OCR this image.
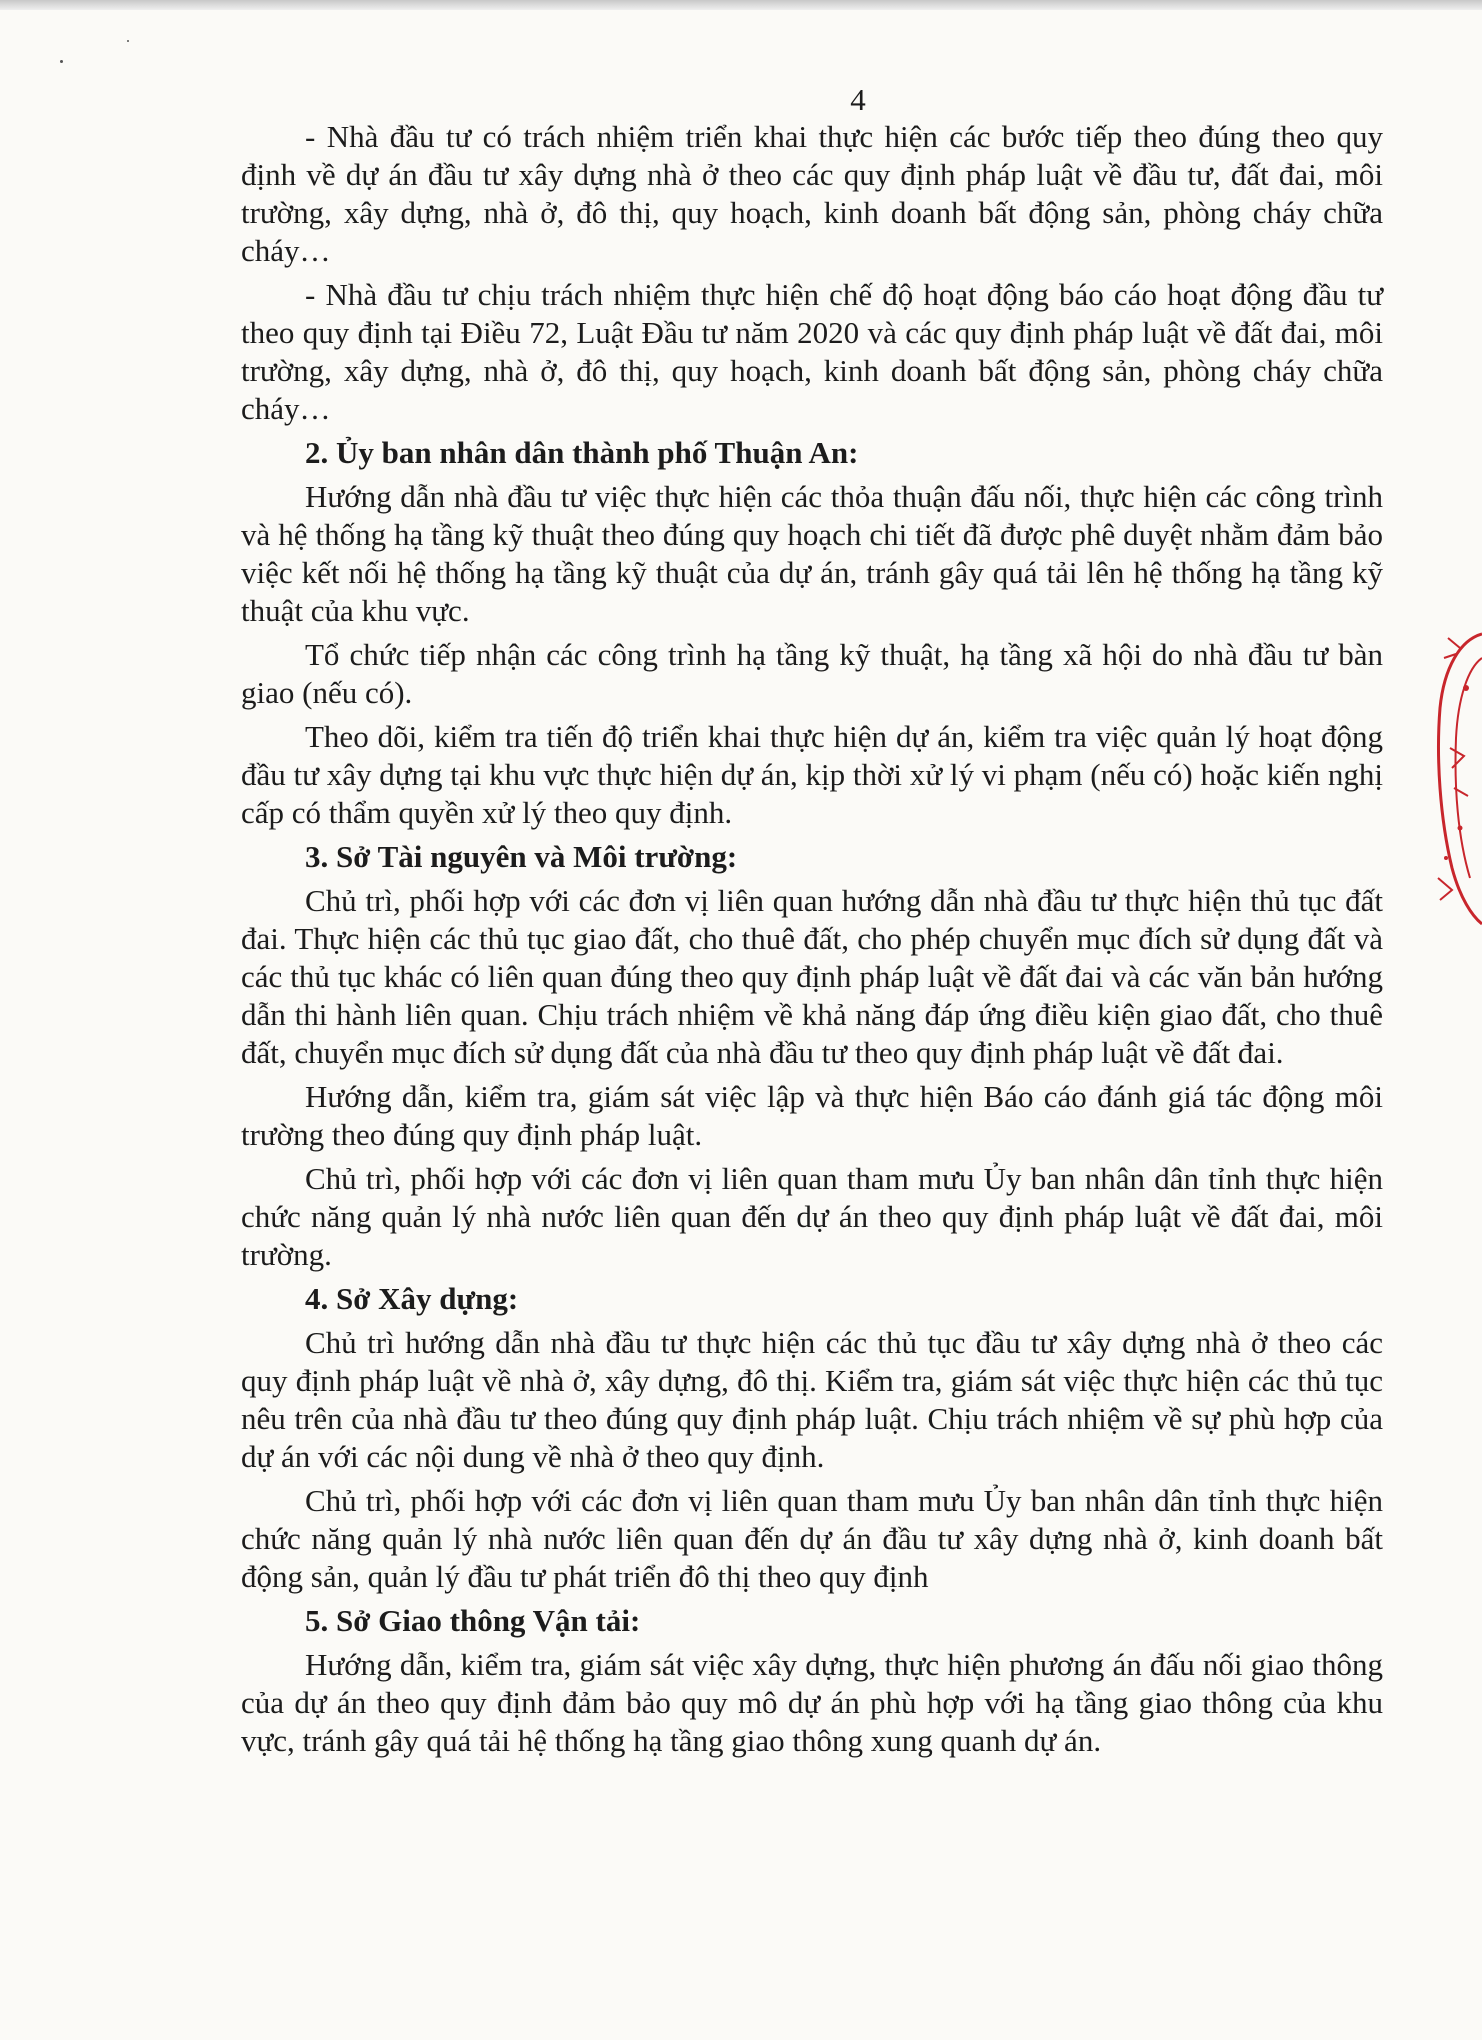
4

- Nhà đầu tư có trách nhiệm triển khai thực hiện các bước tiếp theo đúng theo quy định về dự án đầu tư xây dựng nhà ở theo các quy định pháp luật về đầu tư, đất đai, môi trường, xây dựng, nhà ở, đô thị, quy hoạch, kinh doanh bất động sản, phòng cháy chữa cháy…

- Nhà đầu tư chịu trách nhiệm thực hiện chế độ hoạt động báo cáo hoạt động đầu tư theo quy định tại Điều 72, Luật Đầu tư năm 2020 và các quy định pháp luật về đất đai, môi trường, xây dựng, nhà ở, đô thị, quy hoạch, kinh doanh bất động sản, phòng cháy chữa cháy…

2. Ủy ban nhân dân thành phố Thuận An:

Hướng dẫn nhà đầu tư việc thực hiện các thỏa thuận đấu nối, thực hiện các công trình và hệ thống hạ tầng kỹ thuật theo đúng quy hoạch chi tiết đã được phê duyệt nhằm đảm bảo việc kết nối hệ thống hạ tầng kỹ thuật của dự án, tránh gây quá tải lên hệ thống hạ tầng kỹ thuật của khu vực.

Tổ chức tiếp nhận các công trình hạ tầng kỹ thuật, hạ tầng xã hội do nhà đầu tư bàn giao (nếu có).

Theo dõi, kiểm tra tiến độ triển khai thực hiện dự án, kiểm tra việc quản lý hoạt động đầu tư xây dựng tại khu vực thực hiện dự án, kịp thời xử lý vi phạm (nếu có) hoặc kiến nghị cấp có thẩm quyền xử lý theo quy định.

3. Sở Tài nguyên và Môi trường:

Chủ trì, phối hợp với các đơn vị liên quan hướng dẫn nhà đầu tư thực hiện thủ tục đất đai. Thực hiện các thủ tục giao đất, cho thuê đất, cho phép chuyển mục đích sử dụng đất và các thủ tục khác có liên quan đúng theo quy định pháp luật về đất đai và các văn bản hướng dẫn thi hành liên quan. Chịu trách nhiệm về khả năng đáp ứng điều kiện giao đất, cho thuê đất, chuyển mục đích sử dụng đất của nhà đầu tư theo quy định pháp luật về đất đai.

Hướng dẫn, kiểm tra, giám sát việc lập và thực hiện Báo cáo đánh giá tác động môi trường theo đúng quy định pháp luật.

Chủ trì, phối hợp với các đơn vị liên quan tham mưu Ủy ban nhân dân tỉnh thực hiện chức năng quản lý nhà nước liên quan đến dự án theo quy định pháp luật về đất đai, môi trường.

4. Sở Xây dựng:

Chủ trì hướng dẫn nhà đầu tư thực hiện các thủ tục đầu tư xây dựng nhà ở theo các quy định pháp luật về nhà ở, xây dựng, đô thị. Kiểm tra, giám sát việc thực hiện các thủ tục nêu trên của nhà đầu tư theo đúng quy định pháp luật. Chịu trách nhiệm về sự phù hợp của dự án với các nội dung về nhà ở theo quy định.

Chủ trì, phối hợp với các đơn vị liên quan tham mưu Ủy ban nhân dân tỉnh thực hiện chức năng quản lý nhà nước liên quan đến dự án đầu tư xây dựng nhà ở, kinh doanh bất động sản, quản lý đầu tư phát triển đô thị theo quy định

5. Sở Giao thông Vận tải:

Hướng dẫn, kiểm tra, giám sát việc xây dựng, thực hiện phương án đấu nối giao thông của dự án theo quy định đảm bảo quy mô dự án phù hợp với hạ tầng giao thông của khu vực, tránh gây quá tải hệ thống hạ tầng giao thông xung quanh dự án.
